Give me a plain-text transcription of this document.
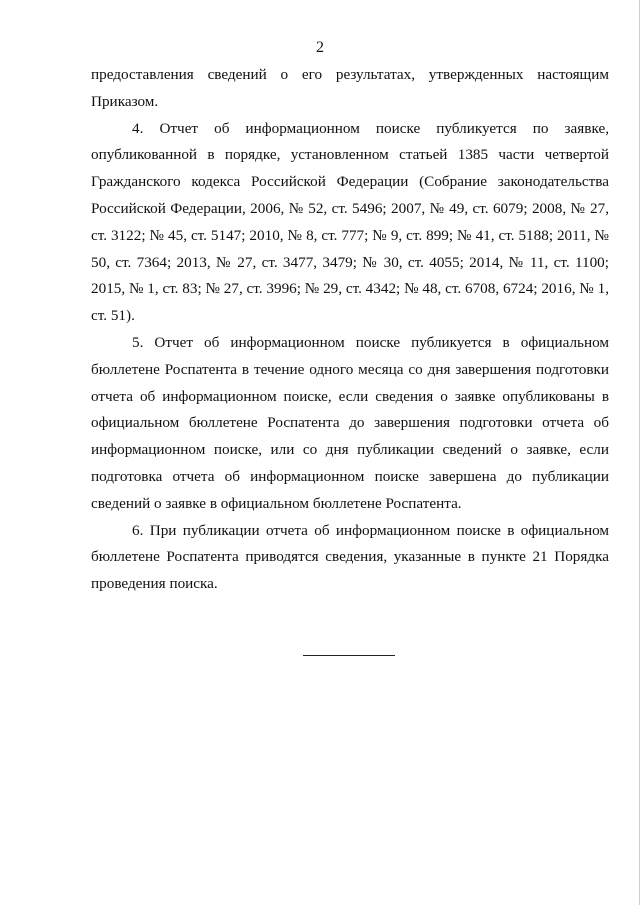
2

предоставления сведений о его результатах, утвержденных настоящим Приказом.

4. Отчет об информационном поиске публикуется по заявке, опубликованной в порядке, установленном статьей 1385 части четвертой Гражданского кодекса Российской Федерации (Собрание законодательства Российской Федерации, 2006, № 52, ст. 5496; 2007, № 49, ст. 6079; 2008, № 27, ст. 3122; № 45, ст. 5147; 2010, № 8, ст. 777; № 9, ст. 899; № 41, ст. 5188; 2011, № 50, ст. 7364; 2013, № 27, ст. 3477, 3479; № 30, ст. 4055; 2014, № 11, ст. 1100; 2015, № 1, ст. 83; № 27, ст. 3996; № 29, ст. 4342; № 48, ст. 6708, 6724; 2016, № 1, ст. 51).

5. Отчет об информационном поиске публикуется в официальном бюллетене Роспатента в течение одного месяца со дня завершения подготовки отчета об информационном поиске, если сведения о заявке опубликованы в официальном бюллетене Роспатента до завершения подготовки отчета об информационном поиске, или со дня публикации сведений о заявке, если подготовка отчета об информационном поиске завершена до публикации сведений о заявке в официальном бюллетене Роспатента.

6. При публикации отчета об информационном поиске в официальном бюллетене Роспатента приводятся сведения, указанные в пункте 21 Порядка проведения поиска.
